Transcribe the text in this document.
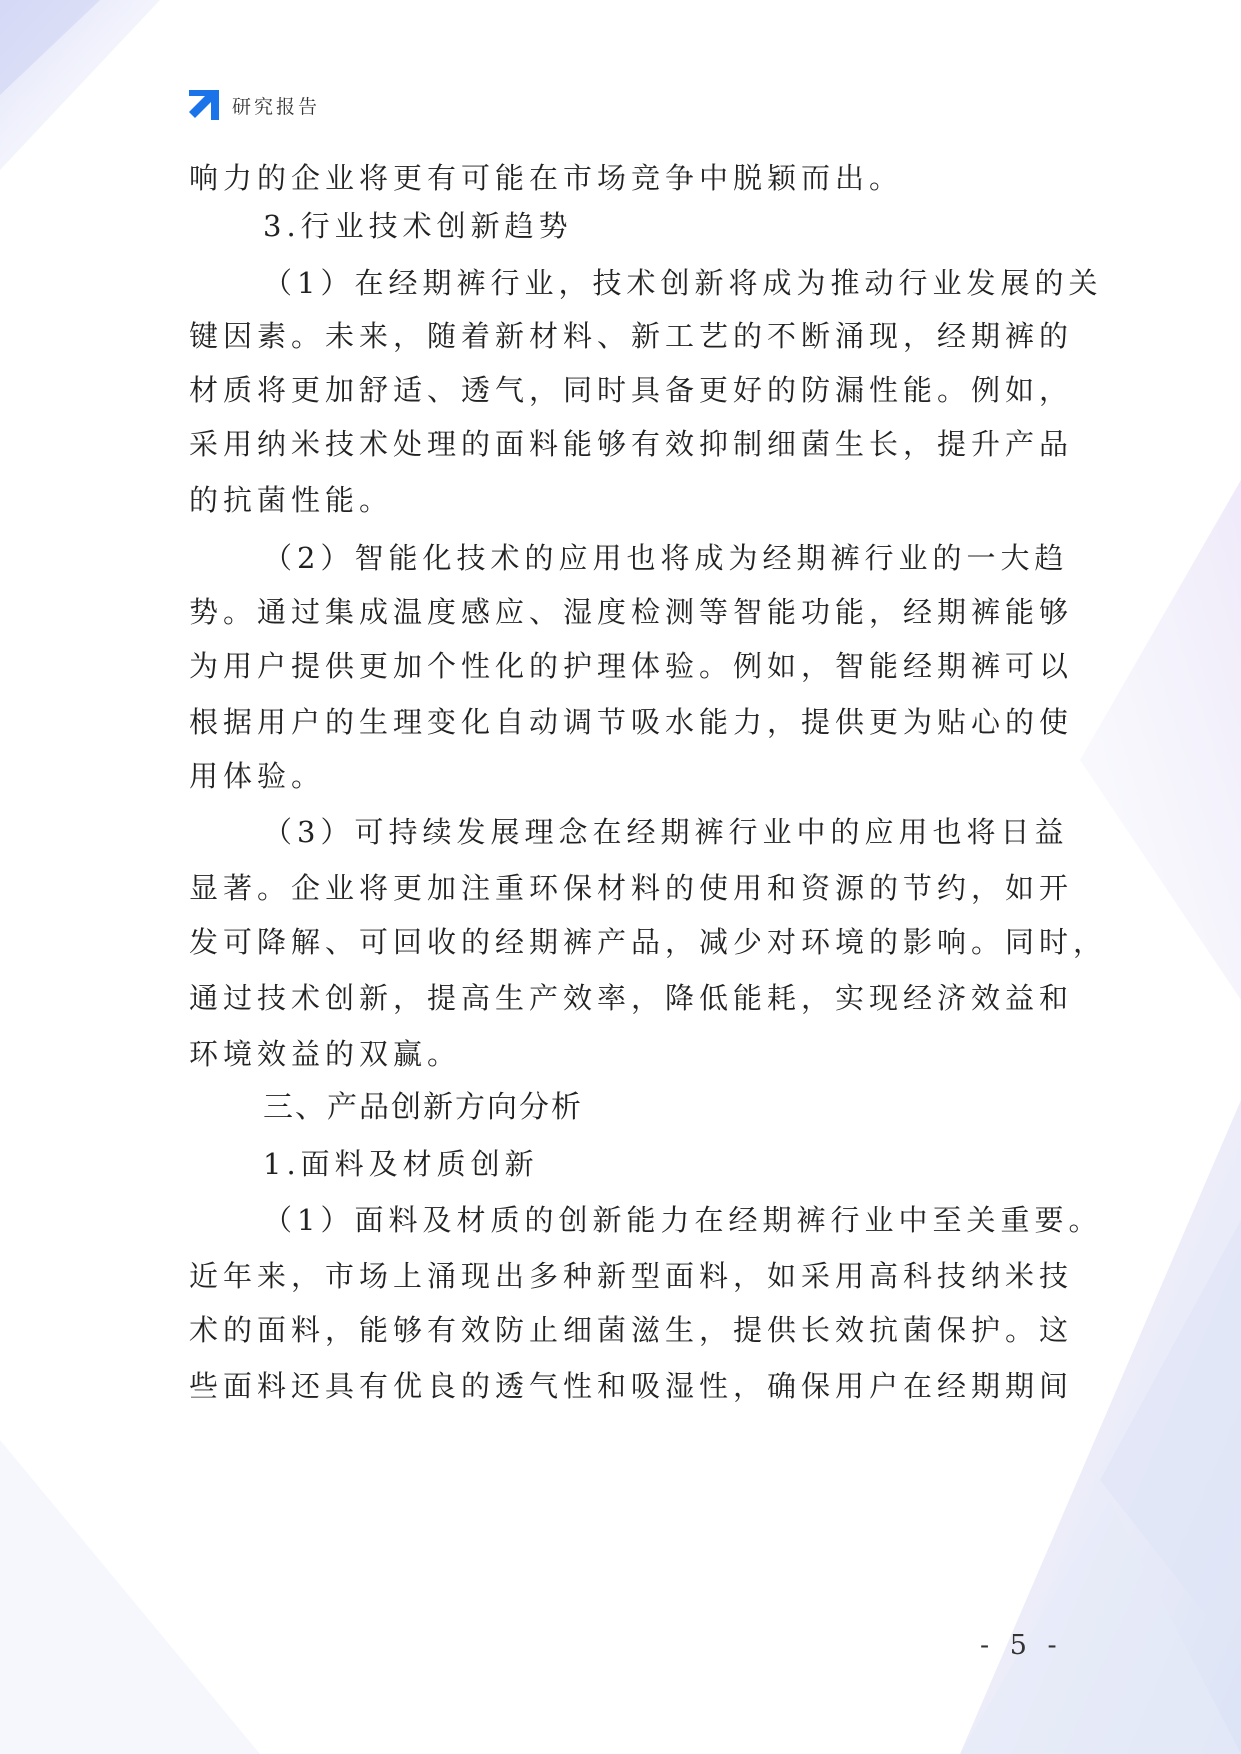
研究报告
响力的企业将更有可能在市场竞争中脱颖而出。
3.行业技术创新趋势
（1）在经期裤行业，技术创新将成为推动行业发展的关
键因素。未来，随着新材料、新工艺的不断涌现，经期裤的
材质将更加舒适、透气，同时具备更好的防漏性能。例如，
采用纳米技术处理的面料能够有效抑制细菌生长，提升产品
的抗菌性能。
（2）智能化技术的应用也将成为经期裤行业的一大趋
势。通过集成温度感应、湿度检测等智能功能，经期裤能够
为用户提供更加个性化的护理体验。例如，智能经期裤可以
根据用户的生理变化自动调节吸水能力，提供更为贴心的使
用体验。
（3）可持续发展理念在经期裤行业中的应用也将日益
显著。企业将更加注重环保材料的使用和资源的节约，如开
发可降解、可回收的经期裤产品，减少对环境的影响。同时，
通过技术创新，提高生产效率，降低能耗，实现经济效益和
环境效益的双赢。
三、产品创新方向分析
1.面料及材质创新
（1）面料及材质的创新能力在经期裤行业中至关重要。
近年来，市场上涌现出多种新型面料，如采用高科技纳米技
术的面料，能够有效防止细菌滋生，提供长效抗菌保护。这
些面料还具有优良的透气性和吸湿性，确保用户在经期期间
- 5 -
